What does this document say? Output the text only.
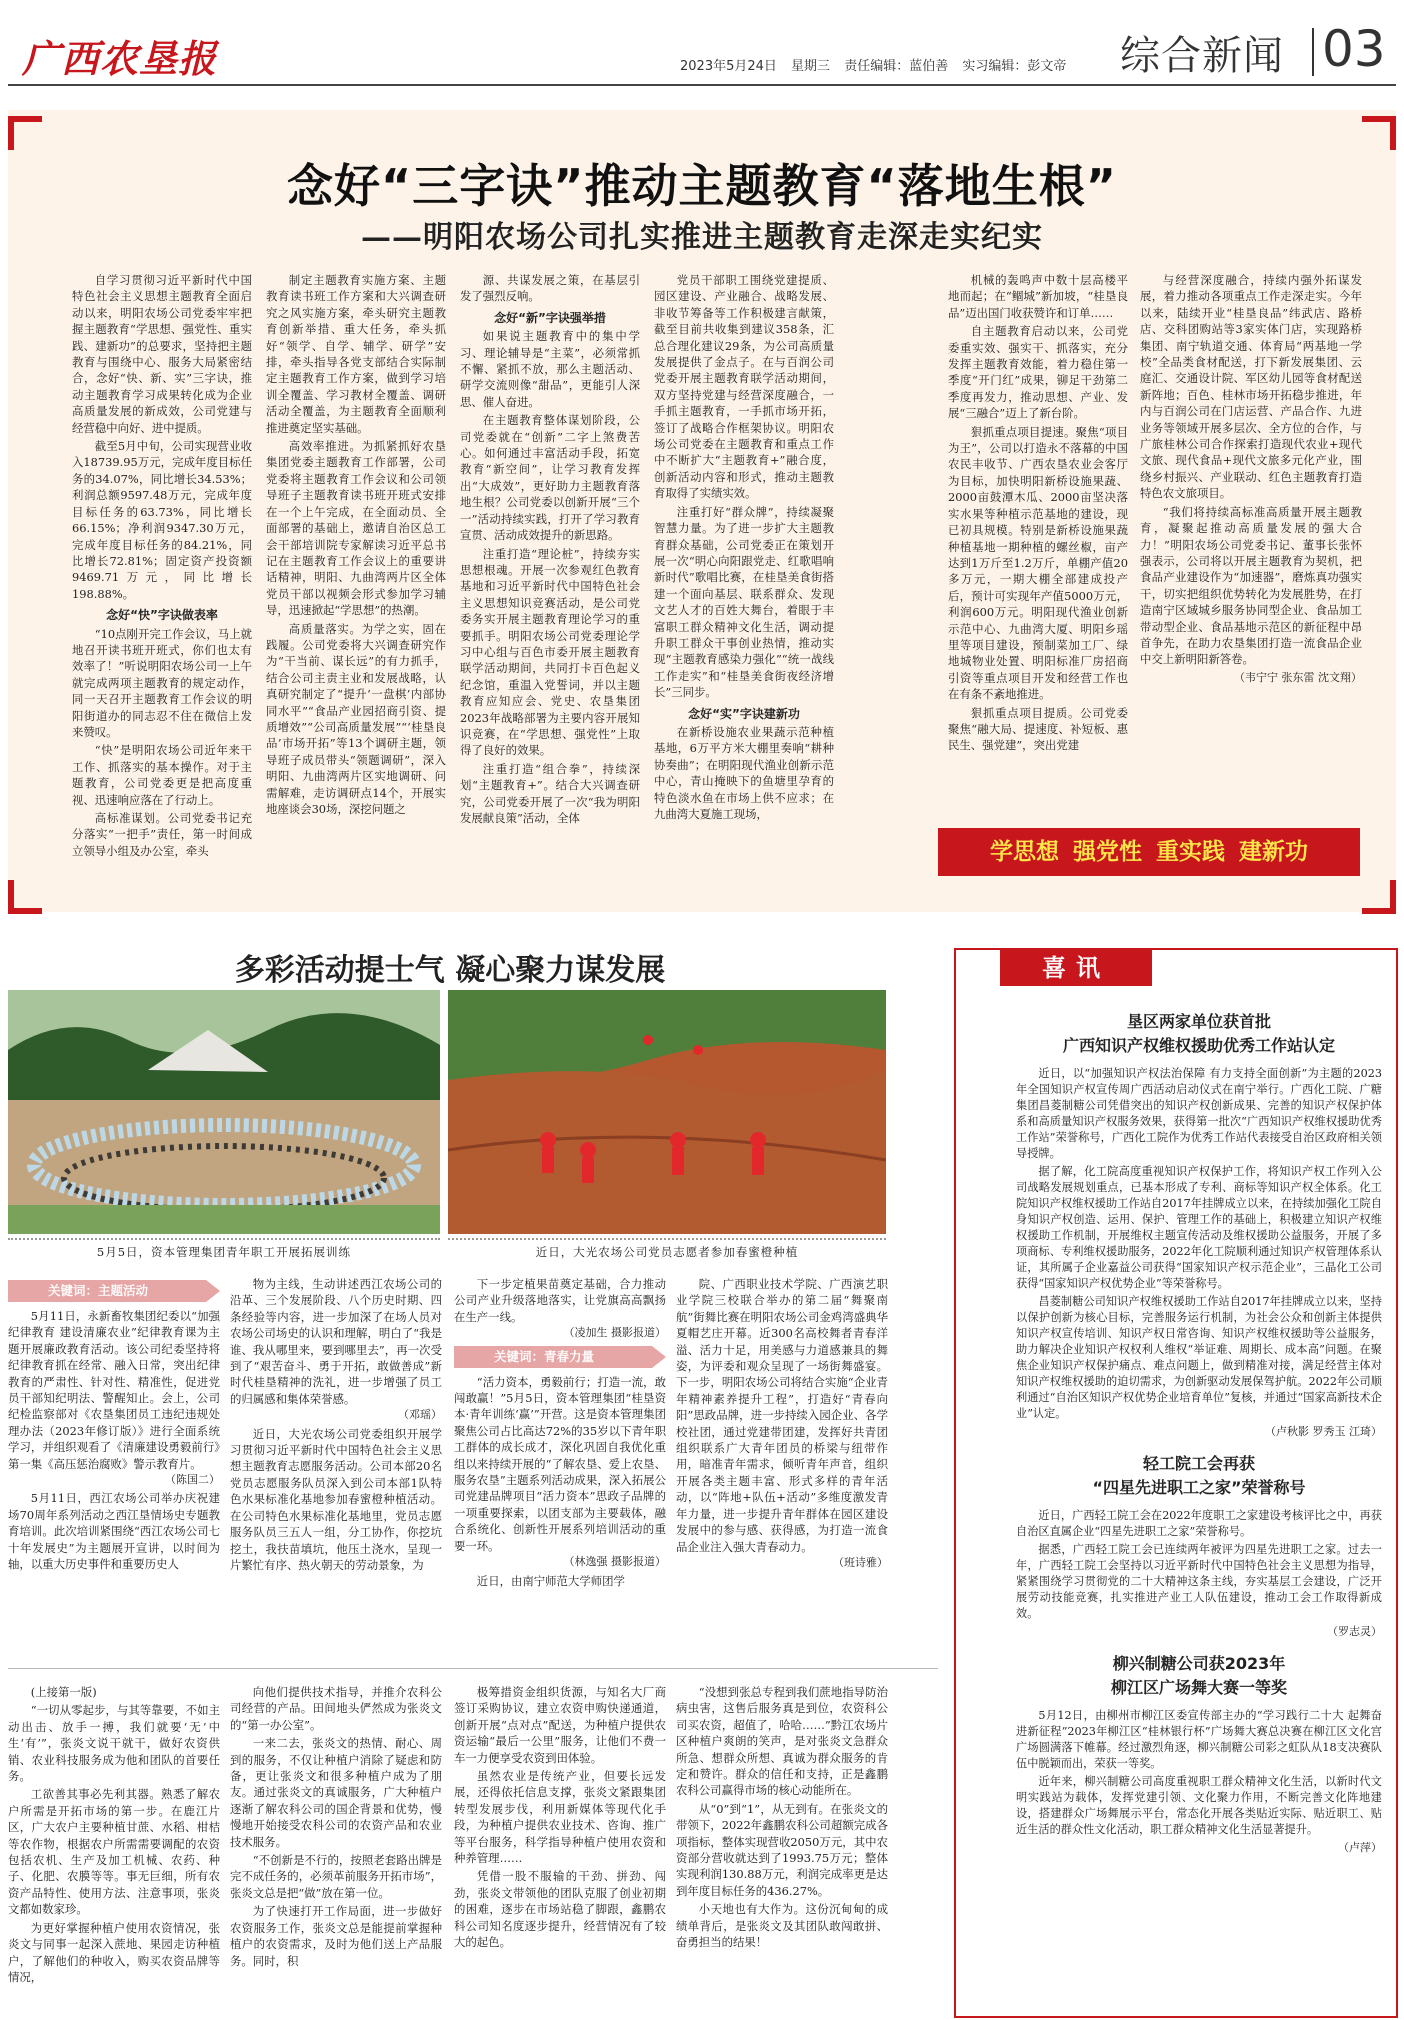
广西农垦报	2023年5月24日 星期三 责任编辑：蓝伯善 实习编辑：彭文帝 综合新闻 03
念好“三字诀”推动主题教育“落地生根”
——明阳农场公司扎实推进主题教育走深走实纪实

自学习贯彻习近平新时代中国特色社会主义思想主题教育全面启动以来，明阳农场公司党委牢牢把握主题教育“学思想、强党性、重实践、建新功”的总要求，坚持把主题教育与围绕中心、服务大局紧密结合，念好“快、新、实”三字诀，推动主题教育学习成果转化成为企业高质量发展的新成效，公司党建与经营稳中向好、进中提质。

截至5月中旬，公司实现营业收入18739.95万元，完成年度目标任务的34.07%，同比增长34.53%；利润总额9597.48万元，完成年度目标任务的63.73%，同比增长66.15%；净利润9347.30万元，完成年度目标任务的84.21%，同比增长72.81%；固定资产投资额9469.71万元，同比增长198.88%。

念好“快”字诀做表率

“10点刚开完工作会议，马上就地召开读书班开班式，你们也太有效率了！”听说明阳农场公司一上午就完成两项主题教育的规定动作，同一天召开主题教育工作会议的明阳街道办的同志忍不住在微信上发来赞叹。

“快”是明阳农场公司近年来干工作、抓落实的基本操作。对于主题教育，公司党委更是把高度重视、迅速响应落在了行动上。

高标准谋划。公司党委书记充分落实“一把手”责任，第一时间成立领导小组及办公室，牵头

制定主题教育实施方案、主题教育读书班工作方案和大兴调查研究之风实施方案，牵头研究主题教育创新举措、重大任务，牵头抓好“领学、自学、辅学、研学”安排，牵头指导各党支部结合实际制定主题教育工作方案，做到学习培训全覆盖、学习教材全覆盖、调研活动全覆盖，为主题教育全面顺利推进奠定坚实基础。

高效率推进。为抓紧抓好农垦集团党委主题教育工作部署，公司党委将主题教育工作会议和公司领导班子主题教育读书班开班式安排在一个上午完成，在全面动员、全面部署的基础上，邀请自治区总工会干部培训院专家解读习近平总书记在主题教育工作会议上的重要讲话精神，明阳、九曲湾两片区全体党员干部以视频会形式参加学习辅导，迅速掀起“学思想”的热潮。

高质量落实。为学之实，固在践履。公司党委将大兴调查研究作为“干当前、谋长远”的有力抓手，结合公司主责主业和发展战略，认真研究制定了“提升‘一盘棋’内部协同水平”“食品产业园招商引资、提质增效”“公司高质量发展”“‘桂垦良品’市场开拓”等13个调研主题，领导班子成员带头“领题调研”，深入明阳、九曲湾两片区实地调研、问需解难，走访调研点14个，开展实地座谈会30场，深挖问题之

源、共谋发展之策，在基层引发了强烈反响。

念好“新”字诀强举措

如果说主题教育中的集中学习、理论辅导是“主菜”，必须常抓不懈、紧抓不放，那么主题活动、研学交流则像“甜品”，更能引人深思、催人奋进。

在主题教育整体谋划阶段，公司党委就在“创新”二字上煞费苦心。如何通过丰富活动手段，拓宽教育“新空间”，让学习教育发挥出“大成效”，更好助力主题教育落地生根？公司党委以创新开展“三个一”活动持续实践，打开了学习教育宣贯、活动成效提升的新思路。

注重打造“理论桩”，持续夯实思想根魂。开展一次参观红色教育基地和习近平新时代中国特色社会主义思想知识竞赛活动，是公司党委务实开展主题教育理论学习的重要抓手。明阳农场公司党委理论学习中心组与百色市委开展主题教育联学活动期间，共同打卡百色起义纪念馆，重温入党誓词，并以主题教育应知应会、党史、农垦集团2023年战略部署为主要内容开展知识竞赛，在“学思想、强党性”上取得了良好的效果。

注重打造“组合拳”，持续深划“主题教育+”。结合大兴调查研究，公司党委开展了一次“我为明阳发展献良策”活动，全体

党员干部职工围绕党建提质、园区建设、产业融合、战略发展、非收节筹备等工作积极建言献策，截至目前共收集到建议358条，汇总合理化建议29条，为公司高质量发展提供了金点子。在与百润公司党委开展主题教育联学活动期间，双方坚持党建与经营深度融合，一手抓主题教育，一手抓市场开拓，签订了战略合作框架协议。明阳农场公司党委在主题教育和重点工作中不断扩大“主题教育+”融合度，创新活动内容和形式，推动主题教育取得了实绩实效。

注重打好“群众牌”，持续凝聚智慧力量。为了进一步扩大主题教育群众基础，公司党委正在策划开展一次“明心向阳跟党走、红歌唱响新时代”歌唱比赛，在桂垦美食街搭建一个面向基层、联系群众、发现文艺人才的百姓大舞台，着眼于丰富职工群众精神文化生活，调动提升职工群众干事创业热情，推动实现“主题教育感染力强化”“统一战线工作走实”和“桂垦美食街夜经济增长”三同步。

念好“实”字诀建新功

在新桥设施农业果蔬示范种植基地，6万平方米大棚里奏响“耕种协奏曲”；在明阳现代渔业创新示范中心，青山掩映下的鱼塘里孕育的特色淡水鱼在市场上供不应求；在九曲湾大夏施工现场，

机械的轰鸣声中数十层高楼平地而起；在“鲴城”新加坡，“桂垦良品”迈出国门收获赞许和订单……

自主题教育启动以来，公司党委重实效、强实干、抓落实，充分发挥主题教育效能，着力稳住第一季度“开门红”成果，铆足干劲第二季度再发力，推动思想、产业、发展“三融合”迈上了新台阶。

狠抓重点项目提速。聚焦“项目为王”，公司以打造永不落幕的中国农民丰收节、广西农垦农业会客厅为目标，加快明阳新桥设施果蔬、2000亩鼓潭木瓜、2000亩坚决落实水果等种植示范基地的建设，现已初具规模。特别是新桥设施果蔬种植基地一期种植的螺丝椒，亩产达到1万斤至1.2万斤，单棚产值20多万元，一期大棚全部建成投产后，预计可实现年产值5000万元，利润600万元。明阳现代渔业创新示范中心、九曲湾大厦、明阳乡瑶里等项目建设，预制菜加工厂、绿地城物业处置、明阳标准厂房招商引资等重点项目开发和经营工作也在有条不紊地推进。

狠抓重点项目提质。公司党委聚焦“融大局、提速度、补短板、惠民生、强党建”，突出党建

与经营深度融合，持续内强外拓谋发展，着力推动各项重点工作走深走实。今年以来，陆续开业“桂垦良品”纬武店、路桥店、交科团购站等3家实体门店，实现路桥集团、南宁轨道交通、体育局“两基地一学校”全品类食材配送，打下新发展集团、云庭汇、交通设计院、军区幼儿园等食材配送新阵地；百色、桂林市场开拓稳步推进，年内与百润公司在门店运营、产品合作、九进业务等领域开展多层次、全方位的合作，与广旅桂林公司合作探索打造现代农业+现代文旅、现代食品+现代文旅多元化产业，围绕乡村振兴、产业联动、红色主题教育打造特色农文旅项目。

“我们将持续高标准高质量开展主题教育，凝聚起推动高质量发展的强大合力！”明阳农场公司党委书记、董事长张怀强表示，公司将以开展主题教育为契机，把食品产业建设作为“加速器”，磨炼真功强实干，切实把组织优势转化为发展胜势，在打造南宁区域城乡服务协同型企业、食品加工带动型企业、食品基地示范区的新征程中昂首争先，在助力农垦集团打造一流食品企业中交上新明阳新答卷。

（韦宁宁 张东雷 沈文翔）

学思想 强党性 重实践 建新功
多彩活动提士气 凝心聚力谋发展
5月5日，资本管理集团青年职工开展拓展训练	近日，大光农场公司党员志愿者参加春蜜橙种植
关键词：主题活动

5月11日，永新畜牧集团纪委以“加强纪律教育 建设清廉农业”纪律教育课为主题开展廉政教育活动。该公司纪委坚持将纪律教育抓在经常、融入日常，突出纪律教育的严肃性、针对性、精准性，促进党员干部知纪明法、警醒知止。会上，公司纪检监察部对《农垦集团员工违纪违规处理办法（2023年修订版）》进行全面系统学习，并组织观看了《清廉建设勇毅前行》第一集《高压惩治腐败》警示教育片。
（陈国二）

5月11日，西江农场公司举办庆祝建场70周年系列活动之西江垦情场史专题教育培训。此次培训紧围绕“西江农场公司七十年发展史”为主题展开宣讲，以时间为轴，以重大历史事件和重要历史人

物为主线，生动讲述西江农场公司的沿革、三个发展阶段、八个历史时期、四条经验等内容，进一步加深了在场人员对农场公司场史的认识和理解，明白了“我是谁、我从哪里来，要到哪里去”，再一次受到了“艰苦奋斗、勇于开拓，敢做善成”新时代桂垦精神的洗礼，进一步增强了员工的归属感和集体荣誉感。
（邓瑶）

近日，大光农场公司党委组织开展学习贯彻习近平新时代中国特色社会主义思想主题教育志愿服务活动。公司本部20名党员志愿服务队员深入到公司本部1队特色水果标准化基地参加春蜜橙种植活动。在公司特色水果标准化基地里，党员志愿服务队员三五人一组，分工协作，你挖坑挖土，我扶苗填坑，他压土浇水，呈现一片繁忙有序、热火朝天的劳动景象，为

下一步定植果苗奠定基础，合力推动公司产业升级落地落实，让党旗高高飘扬在生产一线。
（凌加生 摄影报道）

关键词：青春力量

“活力资本，勇毅前行；打造一流，敢闯敢赢！”5月5日，资本管理集团“桂垦资本·青年训练‘赢’”开营。这是资本管理集团聚焦公司占比高达72%的35岁以下青年职工群体的成长成才，深化巩固自我优化重组以来持续开展的“了解农垦、爱上农垦、服务农垦”主题系列活动成果，深入拓展公司党建品牌项目“活力资本”思政子品牌的一项重要探索，以团支部为主要载体，融合系统化、创新性开展系列培训活动的重要一环。
（林逸强 摄影报道）

近日，由南宁师范大学师团学

院、广西职业技术学院、广西演艺职业学院三校联合举办的第二届“舞聚南航”街舞比赛在明阳农场公司金鸡湾盛典华夏帽艺庄开幕。近300名高校舞者青春洋溢、活力十足，用美感与力道感兼具的舞姿，为评委和观众呈现了一场街舞盛宴。下一步，明阳农场公司将结合实施“企业青年精神素养提升工程”，打造好“青春向阳”思政品牌，进一步持续入园企业、各学校社团，通过党建带团建，发挥好共青团组织联系广大青年团员的桥梁与纽带作用，暗准青年需求，倾听青年声音，组织开展各类主题丰富、形式多样的青年活动，以“阵地+队伍+活动”多维度激发青年力量，进一步提升青年群体在园区建设发展中的参与感、获得感，为打造一流食品企业注入强大青春动力。
（班诗雅）

(上接第一版)

“一切从零起步，与其等靠要，不如主动出击、放手一搏，我们就要‘无’中生‘有’”，张炎文说干就干，做好农资供销、农业科技服务成为他和团队的首要任务。

工欲善其事必先利其器。熟悉了解农户所需是开拓市场的第一步。在鹿江片区，广大农户主要种植甘蔗、水稻、柑桔等农作物，根据农户所需需要调配的农资包括农机、生产及加工机械、农药、种子、化肥、农膜等等。事无巨细，所有农资产品特性、使用方法、注意事项，张炎文都如数家珍。

为更好掌握种植户使用农资情况，张炎文与同事一起深入蔗地、果园走访种植户，了解他们的种收入，购买农资品牌等情况，

向他们提供技术指导，并推介农科公司经营的产品。田间地头俨然成为张炎文的“第一办公室”。

一来二去，张炎文的热情、耐心、周到的服务，不仅让种植户消除了疑虑和防备，更让张炎文和很多种植户成为了朋友。通过张炎文的真诚服务，广大种植户逐渐了解农科公司的国企背景和优势，慢慢地开始接受农科公司的农资产品和农业技术服务。

“不创新是不行的，按照老套路出牌是完不成任务的，必须革前服务开拓市场”，张炎文总是把“做”放在第一位。

为了快速打开工作局面，进一步做好农资服务工作，张炎文总是能提前掌握种植户的农资需求，及时为他们送上产品服务。同时，积

极筹措资金组织货源，与知名大厂商签订采购协议，建立农资申购快递通道，创新开展“点对点”配送，为种植户提供农资运输“最后一公里”服务，让他们不费一车一力便享受农资到田体验。

虽然农业是传统产业，但要长远发展，还得依托信息支撑，张炎文紧跟集团转型发展步伐，利用新媒体等现代化手段，为种植户提供农业技术、咨询、推广等平台服务，科学指导种植户使用农资和种养管理……

凭借一股不服输的干劲、拼劲、闯劲，张炎文带领他的团队克服了创业初期的困难，逐步在市场站稳了脚跟，鑫鹏农科公司知名度逐步提升，经营情况有了较大的起色。

“没想到张总专程到我们蔗地指导防治病虫害，这售后服务真是到位，农资科公司买农资，超值了，哈哈……”黔江农场片区种植户爽朗的笑声，是对张炎文急群众所急、想群众所想、真诚为群众服务的肯定和赞许。群众的信任和支持，正是鑫鹏农科公司赢得市场的核心动能所在。

从“0”到“1”，从无到有。在张炎文的带领下，2022年鑫鹏农科公司超额完成各项指标，整体实现营收2050万元，其中农资部分营收就达到了1993.75万元；整体实现利润130.88万元，利润完成率更是达到年度目标任务的436.27%。

小天地也有大作为。这份沉甸甸的成绩单背后，是张炎文及其团队敢闯敢拼、奋勇担当的结果！

喜讯
垦区两家单位获首批
广西知识产权维权援助优秀工作站认定

近日，以“加强知识产权法治保障 有力支持全面创新”为主题的2023年全国知识产权宣传周广西活动启动仪式在南宁举行。广西化工院、广糖集团昌菱制糖公司凭借突出的知识产权创新成果、完善的知识产权保护体系和高质量知识产权服务效果，获得第一批次“广西知识产权维权援助优秀工作站”荣誉称号，广西化工院作为优秀工作站代表接受自治区政府相关领导授牌。

据了解，化工院高度重视知识产权保护工作，将知识产权工作列入公司战略发展规划重点，已基本形成了专利、商标等知识产权全体系。化工院知识产权维权援助工作站自2017年挂牌成立以来，在持续加强化工院自身知识产权创造、运用、保护、管理工作的基础上，积极建立知识产权维权援助工作机制，开展维权主题宣传活动及维权援助公益服务，开展了多项商标、专利维权援助服务，2022年化工院顺利通过知识产权管理体系认证，其所属子企业嘉益公司获得“国家知识产权示范企业”，三晶化工公司获得“国家知识产权优势企业”等荣誉称号。

昌菱制糖公司知识产权维权援助工作站自2017年挂牌成立以来，坚持以保护创新为核心目标，完善服务运行机制，为社会公众和创新主体提供知识产权宣传培训、知识产权日常咨询、知识产权维权援助等公益服务，助力解决企业知识产权权利人维权“举证难、周期长、成本高”问题。在聚焦企业知识产权保护痛点、难点问题上，做到精准对接，满足经营主体对知识产权维权援助的迫切需求，为创新驱动发展保驾护航。2022年公司顺利通过“自治区知识产权优势企业培育单位”复核，并通过“国家高新技术企业”认定。

（卢秋影 罗秀玉 江琦）

轻工院工会再获
“四星先进职工之家”荣誉称号

近日，广西轻工院工会在2022年度职工之家建设考核评比之中，再获自治区直属企业“四星先进职工之家”荣誉称号。

据悉，广西轻工院工会已连续两年被评为四星先进职工之家。过去一年，广西轻工院工会坚持以习近平新时代中国特色社会主义思想为指导，紧紧围绕学习贯彻党的二十大精神这条主线，夯实基层工会建设，广泛开展劳动技能竞赛，扎实推进产业工人队伍建设，推动工会工作取得新成效。

（罗志灵）

柳兴制糖公司获2023年
柳江区广场舞大赛一等奖

5月12日，由柳州市柳江区委宣传部主办的“学习践行二十大 起舞奋进新征程”2023年柳江区“桂林银行杯”广场舞大赛总决赛在柳江区文化宫广场圆满落下帷幕。经过激烈角逐，柳兴制糖公司彩之虹队从18支决赛队伍中脱颖而出，荣获一等奖。

近年来，柳兴制糖公司高度重视职工群众精神文化生活，以新时代文明实践站为载体，发挥党建引领、文化聚力作用，不断完善文化阵地建设，搭建群众广场舞展示平台，常态化开展各类贴近实际、贴近职工、贴近生活的群众性文化活动，职工群众精神文化生活显著提升。

（卢萍）
